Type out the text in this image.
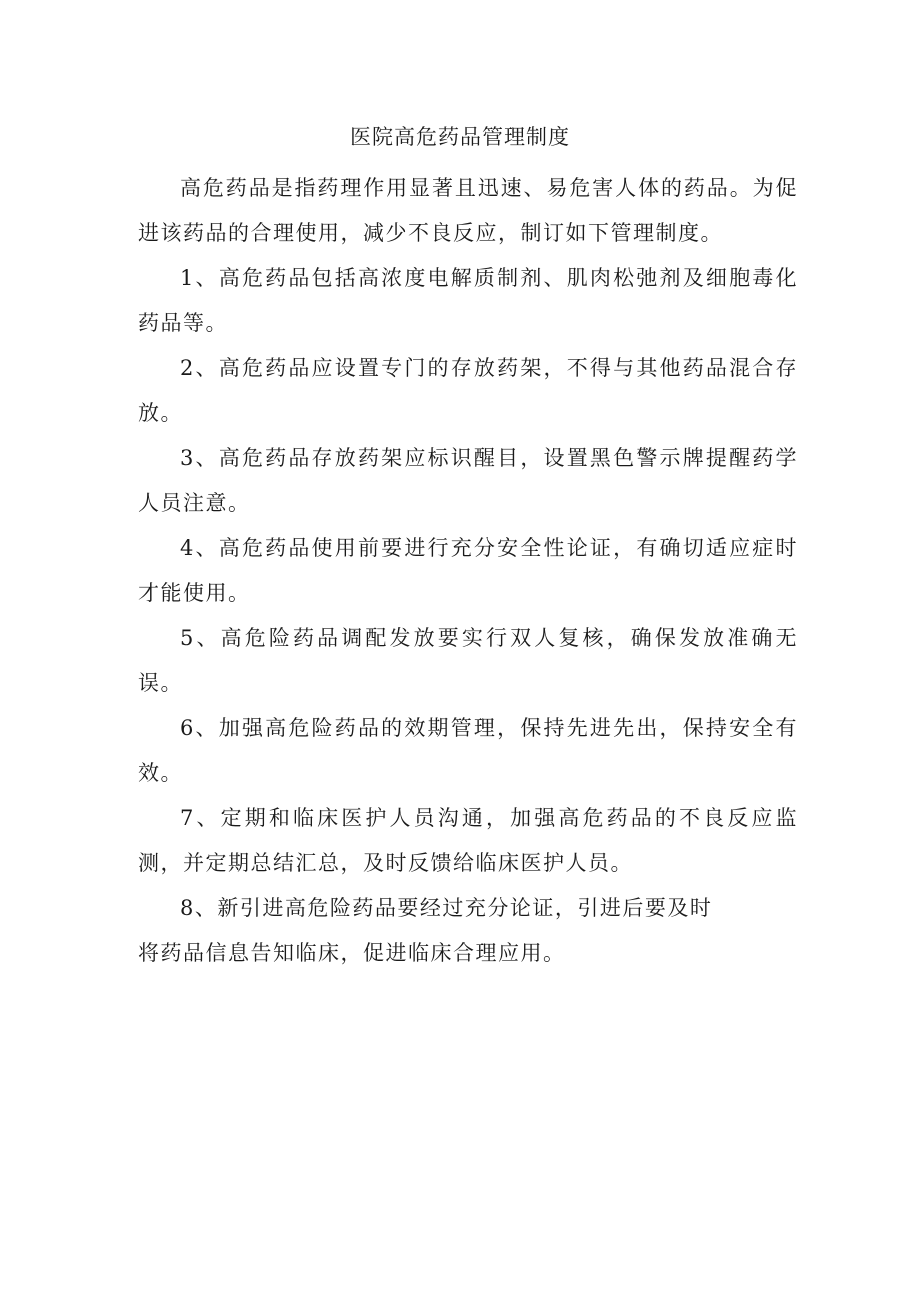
医院高危药品管理制度

高危药品是指药理作用显著且迅速、易危害人体的药品。为促进该药品的合理使用，减少不良反应，制订如下管理制度。

1、高危药品包括高浓度电解质制剂、肌肉松弛剂及细胞毒化药品等。

2、高危药品应设置专门的存放药架，不得与其他药品混合存放。

3、高危药品存放药架应标识醒目，设置黑色警示牌提醒药学人员注意。

4、高危药品使用前要进行充分安全性论证，有确切适应症时才能使用。

5、高危险药品调配发放要实行双人复核，确保发放准确无误。

6、加强高危险药品的效期管理，保持先进先出，保持安全有效。

7、定期和临床医护人员沟通，加强高危药品的不良反应监测，并定期总结汇总，及时反馈给临床医护人员。

8、新引进高危险药品要经过充分论证，引进后要及时

将药品信息告知临床，促进临床合理应用。
